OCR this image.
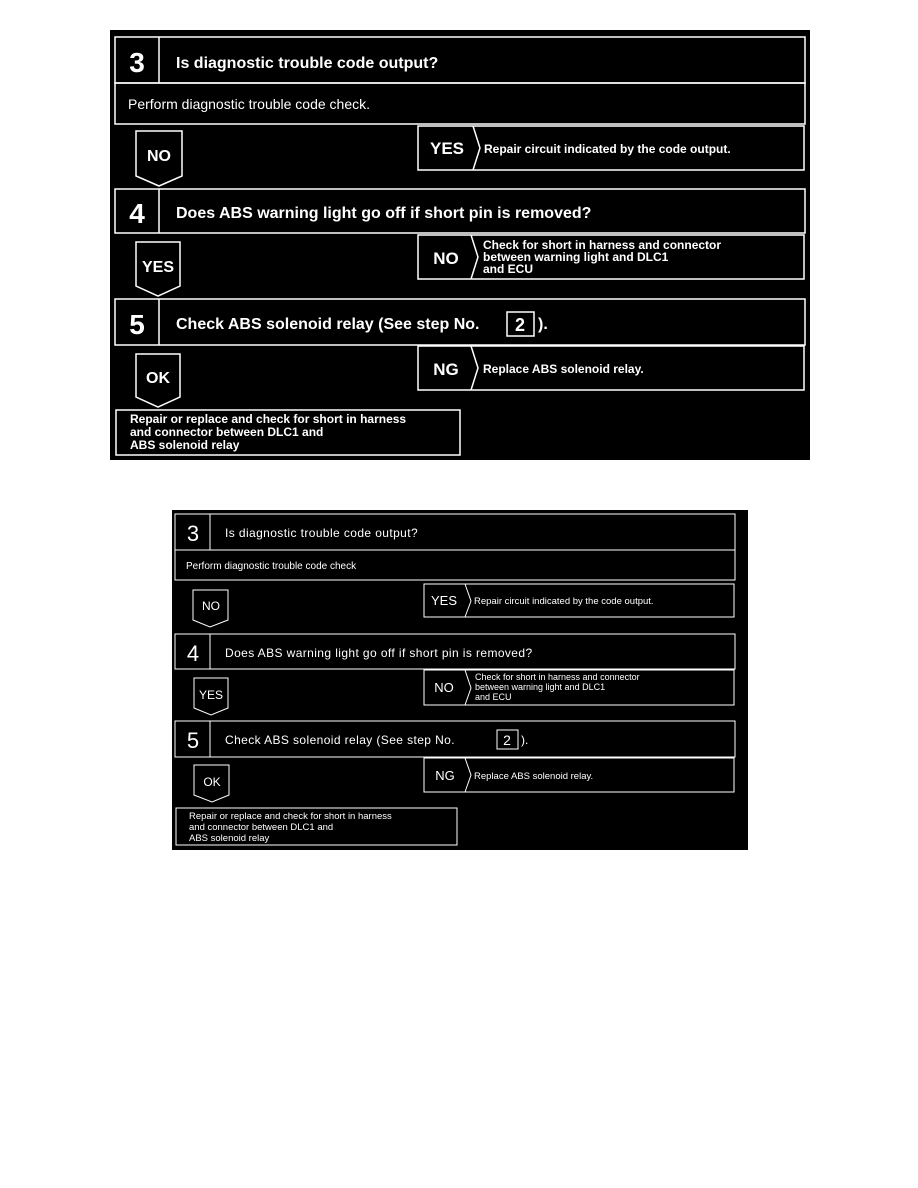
3 Is diagnostic trouble code output?
Perform diagnostic trouble code check.
NO	YES Repair circuit indicated by the code output.
4 Does ABS warning light go off if short pin is removed?
YES	NO
Check for short in harness and connector
between warning light and DLC1
and ECU
5 Check ABS solenoid relay (See step No. 2 ).
OK	NG Replace ABS solenoid relay.
Repair or replace and check for short in harness
and connector between DLC1 and
ABS solenoid relay
3 Is diagnostic trouble code output?
Perform diagnostic trouble code check
NO	YES Repair circuit indicated by the code output.
4 Does ABS warning light go off if short pin is removed?
YES	NO
Check for short in harness and connector
between warning light and DLC1
and ECU
5 Check ABS solenoid relay (See step No.	2 ).
OK	NG Replace ABS solenoid relay.
Repair or replace and check for short in harness
and connector between DLC1 and
ABS solenoid relay
